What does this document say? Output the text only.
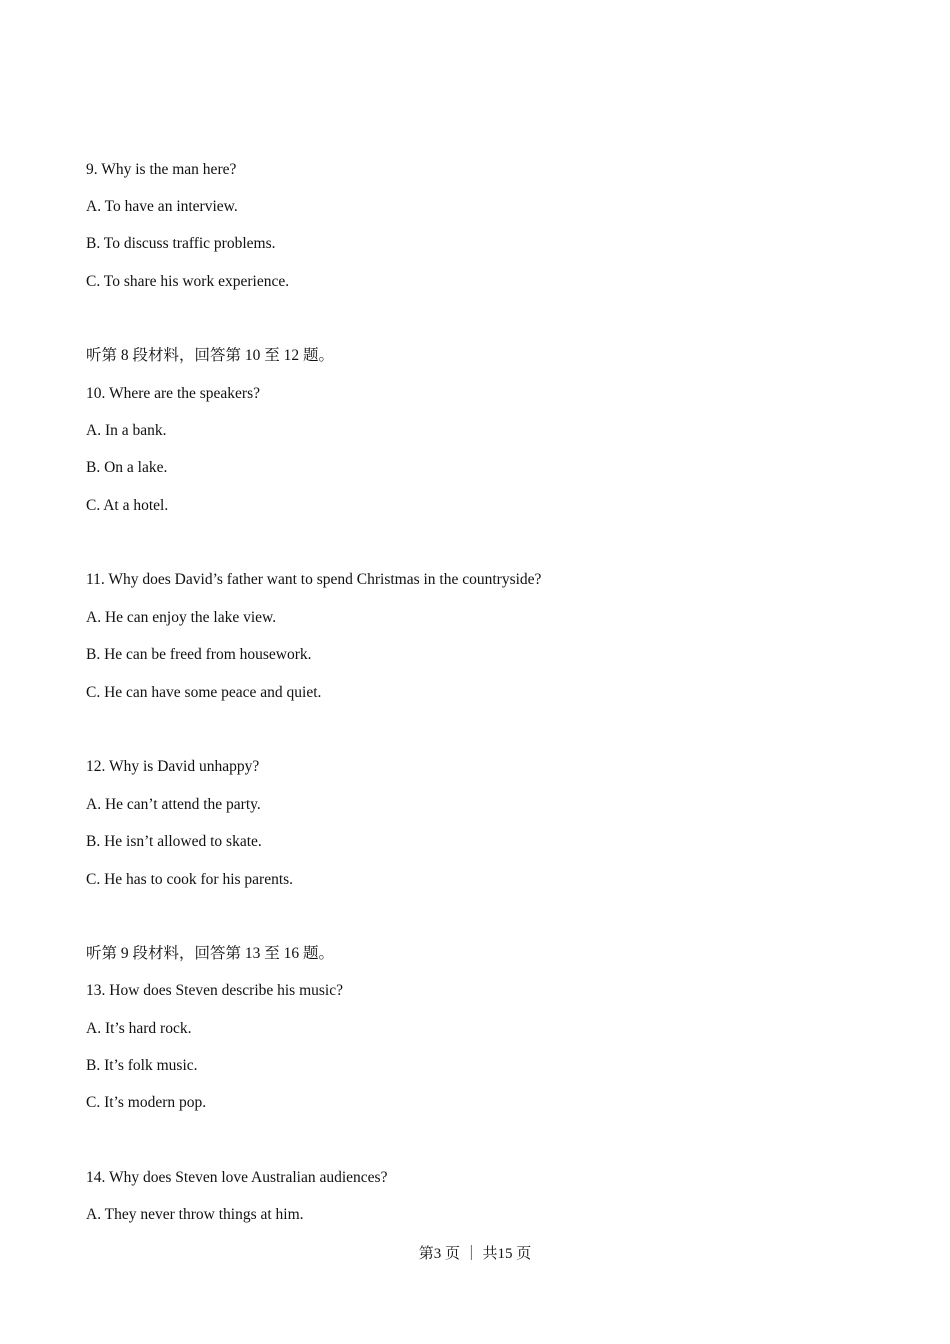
9. Why is the man here?
A. To have an interview.
B. To discuss traffic problems.
C. To share his work experience.
听第 8 段材料，回答第 10 至 12 题。
10. Where are the speakers?
A. In a bank.
B. On a lake.
C. At a hotel.
11. Why does David’s father want to spend Christmas in the countryside?
A. He can enjoy the lake view.
B. He can be freed from housework.
C. He can have some peace and quiet.
12. Why is David unhappy?
A. He can’t attend the party.
B. He isn’t allowed to skate.
C. He has to cook for his parents.
听第 9 段材料，回答第 13 至 16 题。
13. How does Steven describe his music?
A. It’s hard rock.
B. It’s folk music.
C. It’s modern pop.
14. Why does Steven love Australian audiences?
A. They never throw things at him.
第3 页 ｜ 共15 页
